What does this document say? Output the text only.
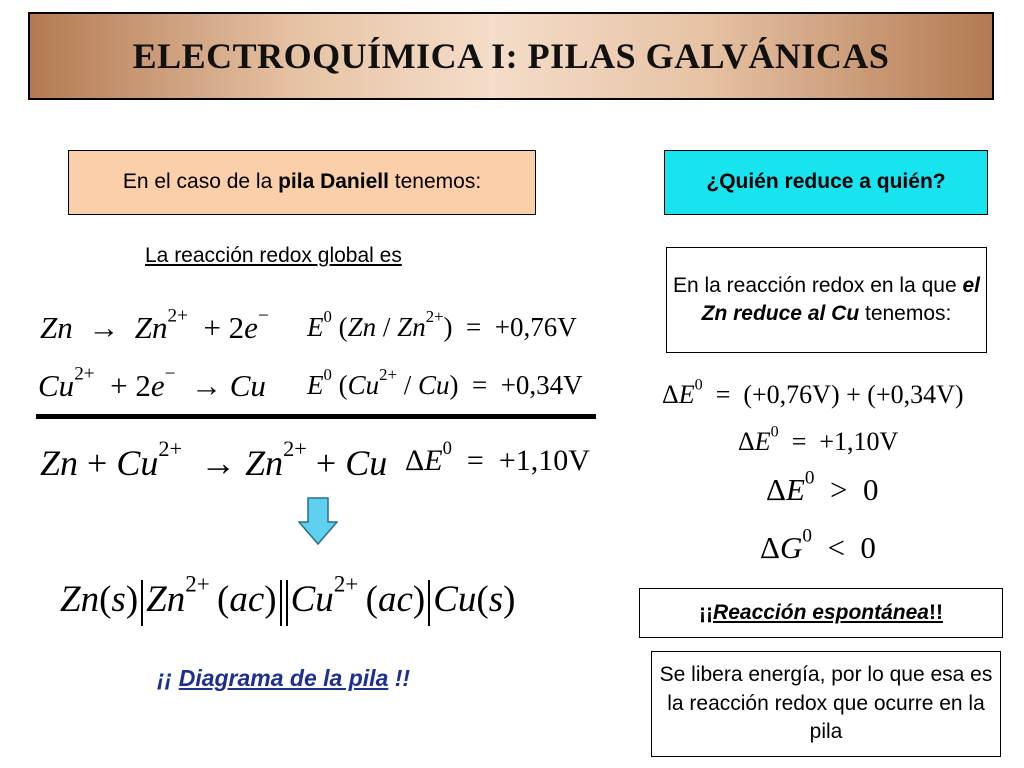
ELECTROQUÍMICA I: PILAS GALVÁNICAS
En el caso de la pila Daniell tenemos:	¿Quién reduce a quién?
La reacción redox global es
En la reacción redox en la que el Zn reduce al Cu tenemos:
$Zn \to Zn^{2+} + 2e^-$ $E^0$ $(Zn / Zn^{2+}) = +0,76V$
$Cu^{2+} + 2e^- \to Cu$ $E^0$ $(Cu^{2+} / Cu) = +0,34V$
$Zn + Cu^{2+} \to Zn^{2+} + Cu$ $\Delta E^0 = +1,10V$
Zn(s) $Zn^{2+}$ (ac) $Cu^{2+}$ (ac) Cu(s)
¡¡ Diagrama de la pila !!
$\Delta E^0 = (+0,76V) + (+0,34V)$
$\Delta E^0 = +1,10V$
$\Delta E^0 > 0$
$\Delta G^0 < 0$
¡¡Reacción espontánea!!
Se libera energía, por lo que esa es la reacción redox que ocurre en la pila
